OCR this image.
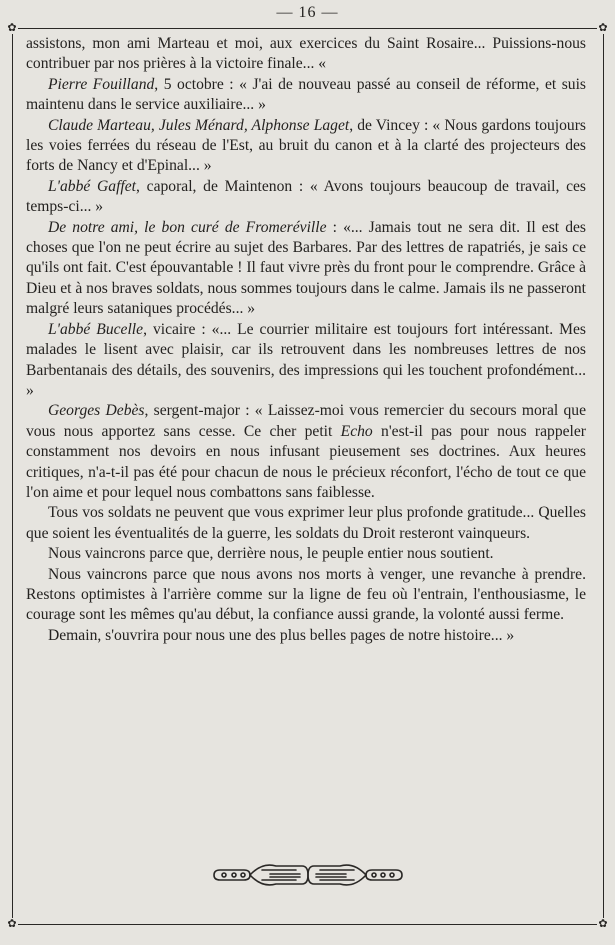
— 16 —
✿	✿
✿	✿

assistons, mon ami Marteau et moi, aux exercices du Saint Rosaire... Puissions-nous contribuer par nos prières à la victoire finale... «

Pierre Fouilland, 5 octobre : « J'ai de nouveau passé au conseil de réforme, et suis maintenu dans le service auxiliaire... »

Claude Marteau, Jules Ménard, Alphonse Laget, de Vincey : « Nous gardons toujours les voies ferrées du réseau de l'Est, au bruit du canon et à la clarté des projecteurs des forts de Nancy et d'Epinal... »

L'abbé Gaffet, caporal, de Maintenon : « Avons toujours beaucoup de travail, ces temps-ci... »

De notre ami, le bon curé de Fromeréville : «... Jamais tout ne sera dit. Il est des choses que l'on ne peut écrire au sujet des Barbares. Par des lettres de rapatriés, je sais ce qu'ils ont fait. C'est épouvantable ! Il faut vivre près du front pour le comprendre. Grâce à Dieu et à nos braves soldats, nous sommes toujours dans le calme. Jamais ils ne passeront malgré leurs sataniques procédés... »

L'abbé Bucelle, vicaire : «... Le courrier militaire est toujours fort intéressant. Mes malades le lisent avec plaisir, car ils retrouvent dans les nombreuses lettres de nos Barbentanais des détails, des souvenirs, des impressions qui les touchent profondément... »

Georges Debès, sergent-major : « Laissez-moi vous remercier du secours moral que vous nous apportez sans cesse. Ce cher petit Echo n'est-il pas pour nous rappeler constamment nos devoirs en nous infusant pieusement ses doctrines. Aux heures critiques, n'a-t-il pas été pour chacun de nous le précieux réconfort, l'écho de tout ce que l'on aime et pour lequel nous combattons sans faiblesse.

Tous vos soldats ne peuvent que vous exprimer leur plus profonde gratitude... Quelles que soient les éventualités de la guerre, les soldats du Droit resteront vainqueurs.

Nous vaincrons parce que, derrière nous, le peuple entier nous soutient.

Nous vaincrons parce que nous avons nos morts à venger, une revanche à prendre. Restons optimistes à l'arrière comme sur la ligne de feu où l'entrain, l'enthousiasme, le courage sont les mêmes qu'au début, la confiance aussi grande, la volonté aussi ferme.

Demain, s'ouvrira pour nous une des plus belles pages de notre histoire... »
